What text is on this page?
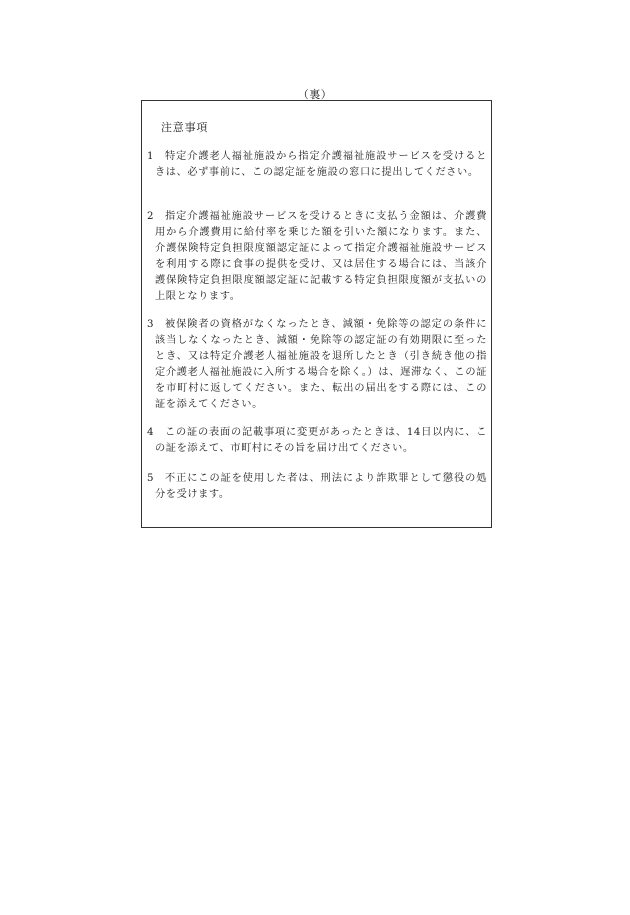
（裏）
注意事項
1	特定介護老人福祉施設から指定介護福祉施設サービスを受けるときは、必ず事前に、この認定証を施設の窓口に提出してください。
2	指定介護福祉施設サービスを受けるときに支払う金額は、介護費用から介護費用に給付率を乗じた額を引いた額になります。また、介護保険特定負担限度額認定証によって指定介護福祉施設サービスを利用する際に食事の提供を受け、又は居住する場合には、当該介護保険特定負担限度額認定証に記載する特定負担限度額が支払いの上限となります。
3	被保険者の資格がなくなったとき、減額・免除等の認定の条件に該当しなくなったとき、減額・免除等の認定証の有効期限に至ったとき、又は特定介護老人福祉施設を退所したとき（引き続き他の指定介護老人福祉施設に入所する場合を除く。）は、遅滞なく、この証を市町村に返してください。また、転出の届出をする際には、この証を添えてください。
4	この証の表面の記載事項に変更があったときは、14日以内に、この証を添えて、市町村にその旨を届け出てください。
5	不正にこの証を使用した者は、刑法により詐欺罪として懲役の処分を受けます。
